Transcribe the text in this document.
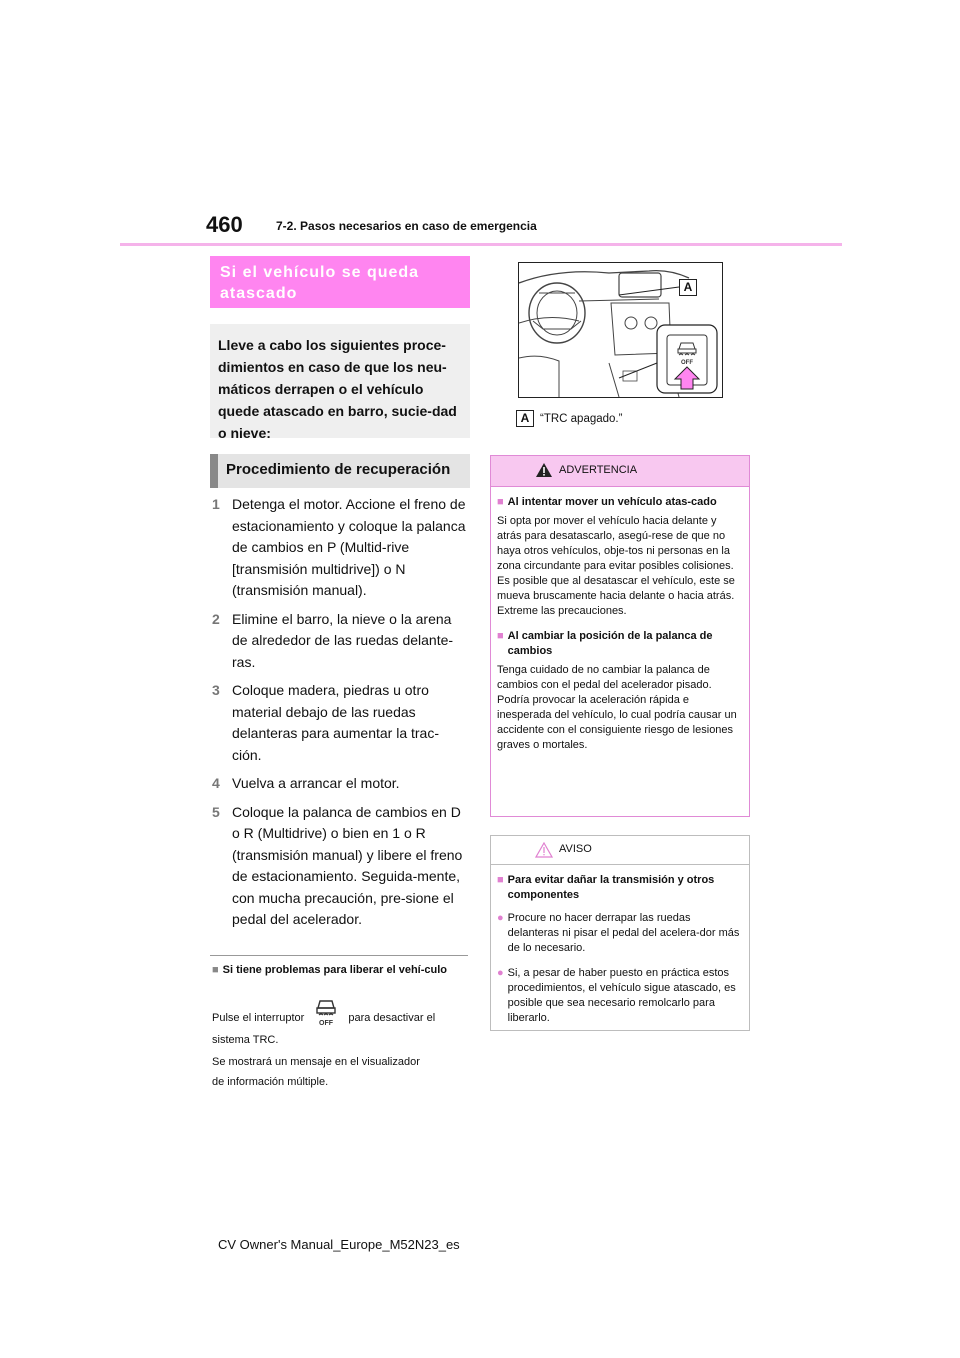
460	7-2. Pasos necesarios en caso de emergencia
Si el vehículo se queda atascado
Lleve a cabo los siguientes proce-dimientos en caso de que los neu-máticos derrapen o el vehículo quede atascado en barro, sucie-dad o nieve:
Procedimiento de recuperación
1 Detenga el motor. Accione el freno de estacionamiento y coloque la palanca de cambios en P (Multid-rive [transmisión multidrive]) o N (transmisión manual).
2 Elimine el barro, la nieve o la arena de alrededor de las ruedas delante-ras.
3 Coloque madera, piedras u otro material debajo de las ruedas delanteras para aumentar la trac-ción.
4 Vuelva a arrancar el motor.
5 Coloque la palanca de cambios en D o R (Multidrive) o bien en 1 o R (transmisión manual) y libere el freno de estacionamiento. Seguida-mente, con mucha precaución, pre-sione el pedal del acelerador.
■ Si tiene problemas para liberar el vehí-culo
Pulse el interruptor OFF para desactivar el
sistema TRC.
Se mostrará un mensaje en el visualizador
de información múltiple.
OFF
A
A “TRC apagado.”
ADVERTENCIA
■ Al intentar mover un vehículo atas-cado
Si opta por mover el vehículo hacia delante y atrás para desatascarlo, asegú-rese de que no haya otros vehículos, obje-tos ni personas en la zona circundante para evitar posibles colisiones. Es posible que al desatascar el vehículo, este se mueva bruscamente hacia delante o hacia atrás. Extreme las precauciones.
■ Al cambiar la posición de la palanca de cambios
Tenga cuidado de no cambiar la palanca de cambios con el pedal del acelerador pisado. Podría provocar la aceleración rápida e inesperada del vehículo, lo cual podría causar un accidente con el consiguiente riesgo de lesiones graves o mortales.
AVISO
■ Para evitar dañar la transmisión y otros componentes
● Procure no hacer derrapar las ruedas delanteras ni pisar el pedal del acelera-dor más de lo necesario.
● Si, a pesar de haber puesto en práctica estos procedimientos, el vehículo sigue atascado, es posible que sea necesario remolcarlo para liberarlo.
CV Owner's Manual_Europe_M52N23_es
